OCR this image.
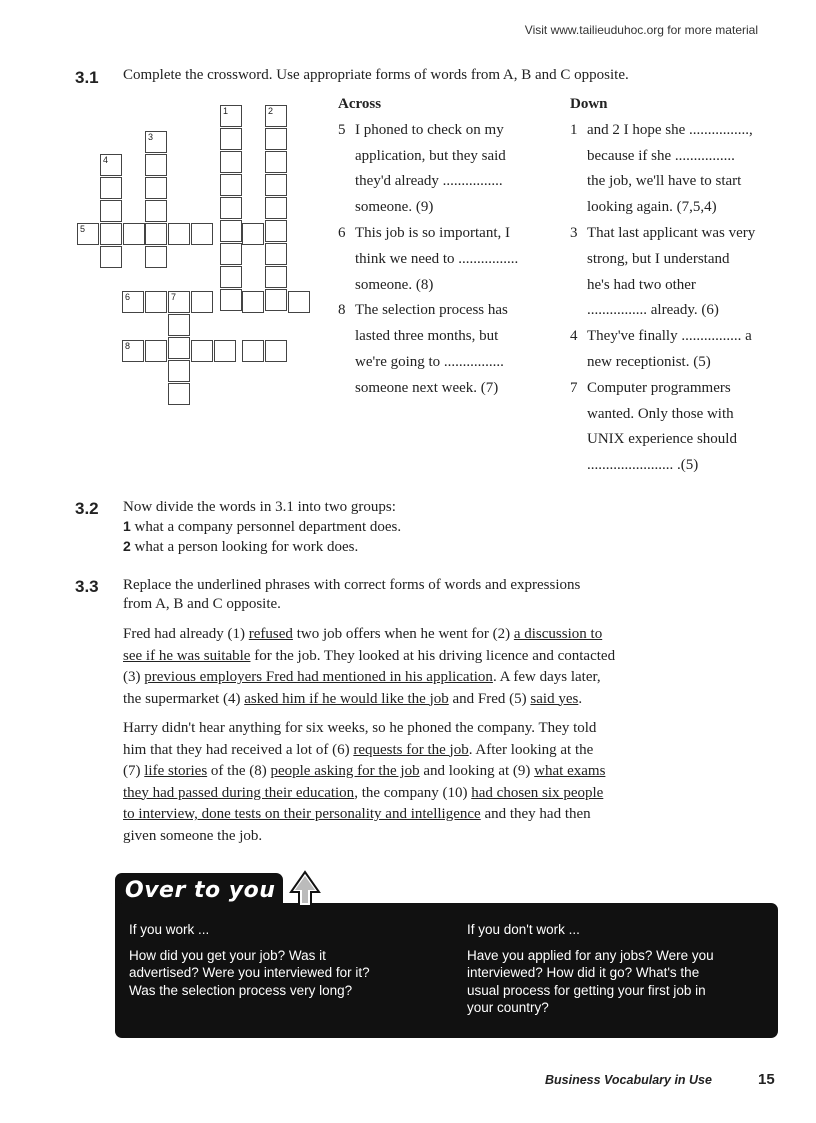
Visit www.tailieuduhoc.org for more material
3.1 Complete the crossword. Use appropriate forms of words from A, B and C opposite.
1	2
3
4
5
6	7
8
Across
5 I phoned to check on my
application, but they said
they'd already ................
someone. (9)
6 This job is so important, I
think we need to ................
someone. (8)
8 The selection process has
lasted three months, but
we're going to ................
someone next week. (7)
Down
1 and 2 I hope she ................,
because if she ................
the job, we'll have to start
looking again. (7,5,4)
3 That last applicant was very
strong, but I understand
he's had two other
................ already. (6)
4 They've finally ................ a
new receptionist. (5)
7 Computer programmers
wanted. Only those with
UNIX experience should
....................... .(5)
3.2 Now divide the words in 3.1 into two groups:
1 what a company personnel department does.
2 what a person looking for work does.
3.3 Replace the underlined phrases with correct forms of words and expressions
from A, B and C opposite.

Fred had already (1) refused two job offers when he went for (2) a discussion to
see if he was suitable for the job. They looked at his driving licence and contacted
(3) previous employers Fred had mentioned in his application. A few days later,
the supermarket (4) asked him if he would like the job and Fred (5) said yes.

Harry didn't hear anything for six weeks, so he phoned the company. They told
him that they had received a lot of (6) requests for the job. After looking at the
(7) life stories of the (8) people asking for the job and looking at (9) what exams
they had passed during their education, the company (10) had chosen six people
to interview, done tests on their personality and intelligence and they had then
given someone the job.

If you work ...
How did you get your job? Was it
advertised? Were you interviewed for it?
Was the selection process very long?
If you don't work ...
Have you applied for any jobs? Were you
interviewed? How did it go? What's the
usual process for getting your first job in
your country?
Over to you
Business Vocabulary in Use	15
